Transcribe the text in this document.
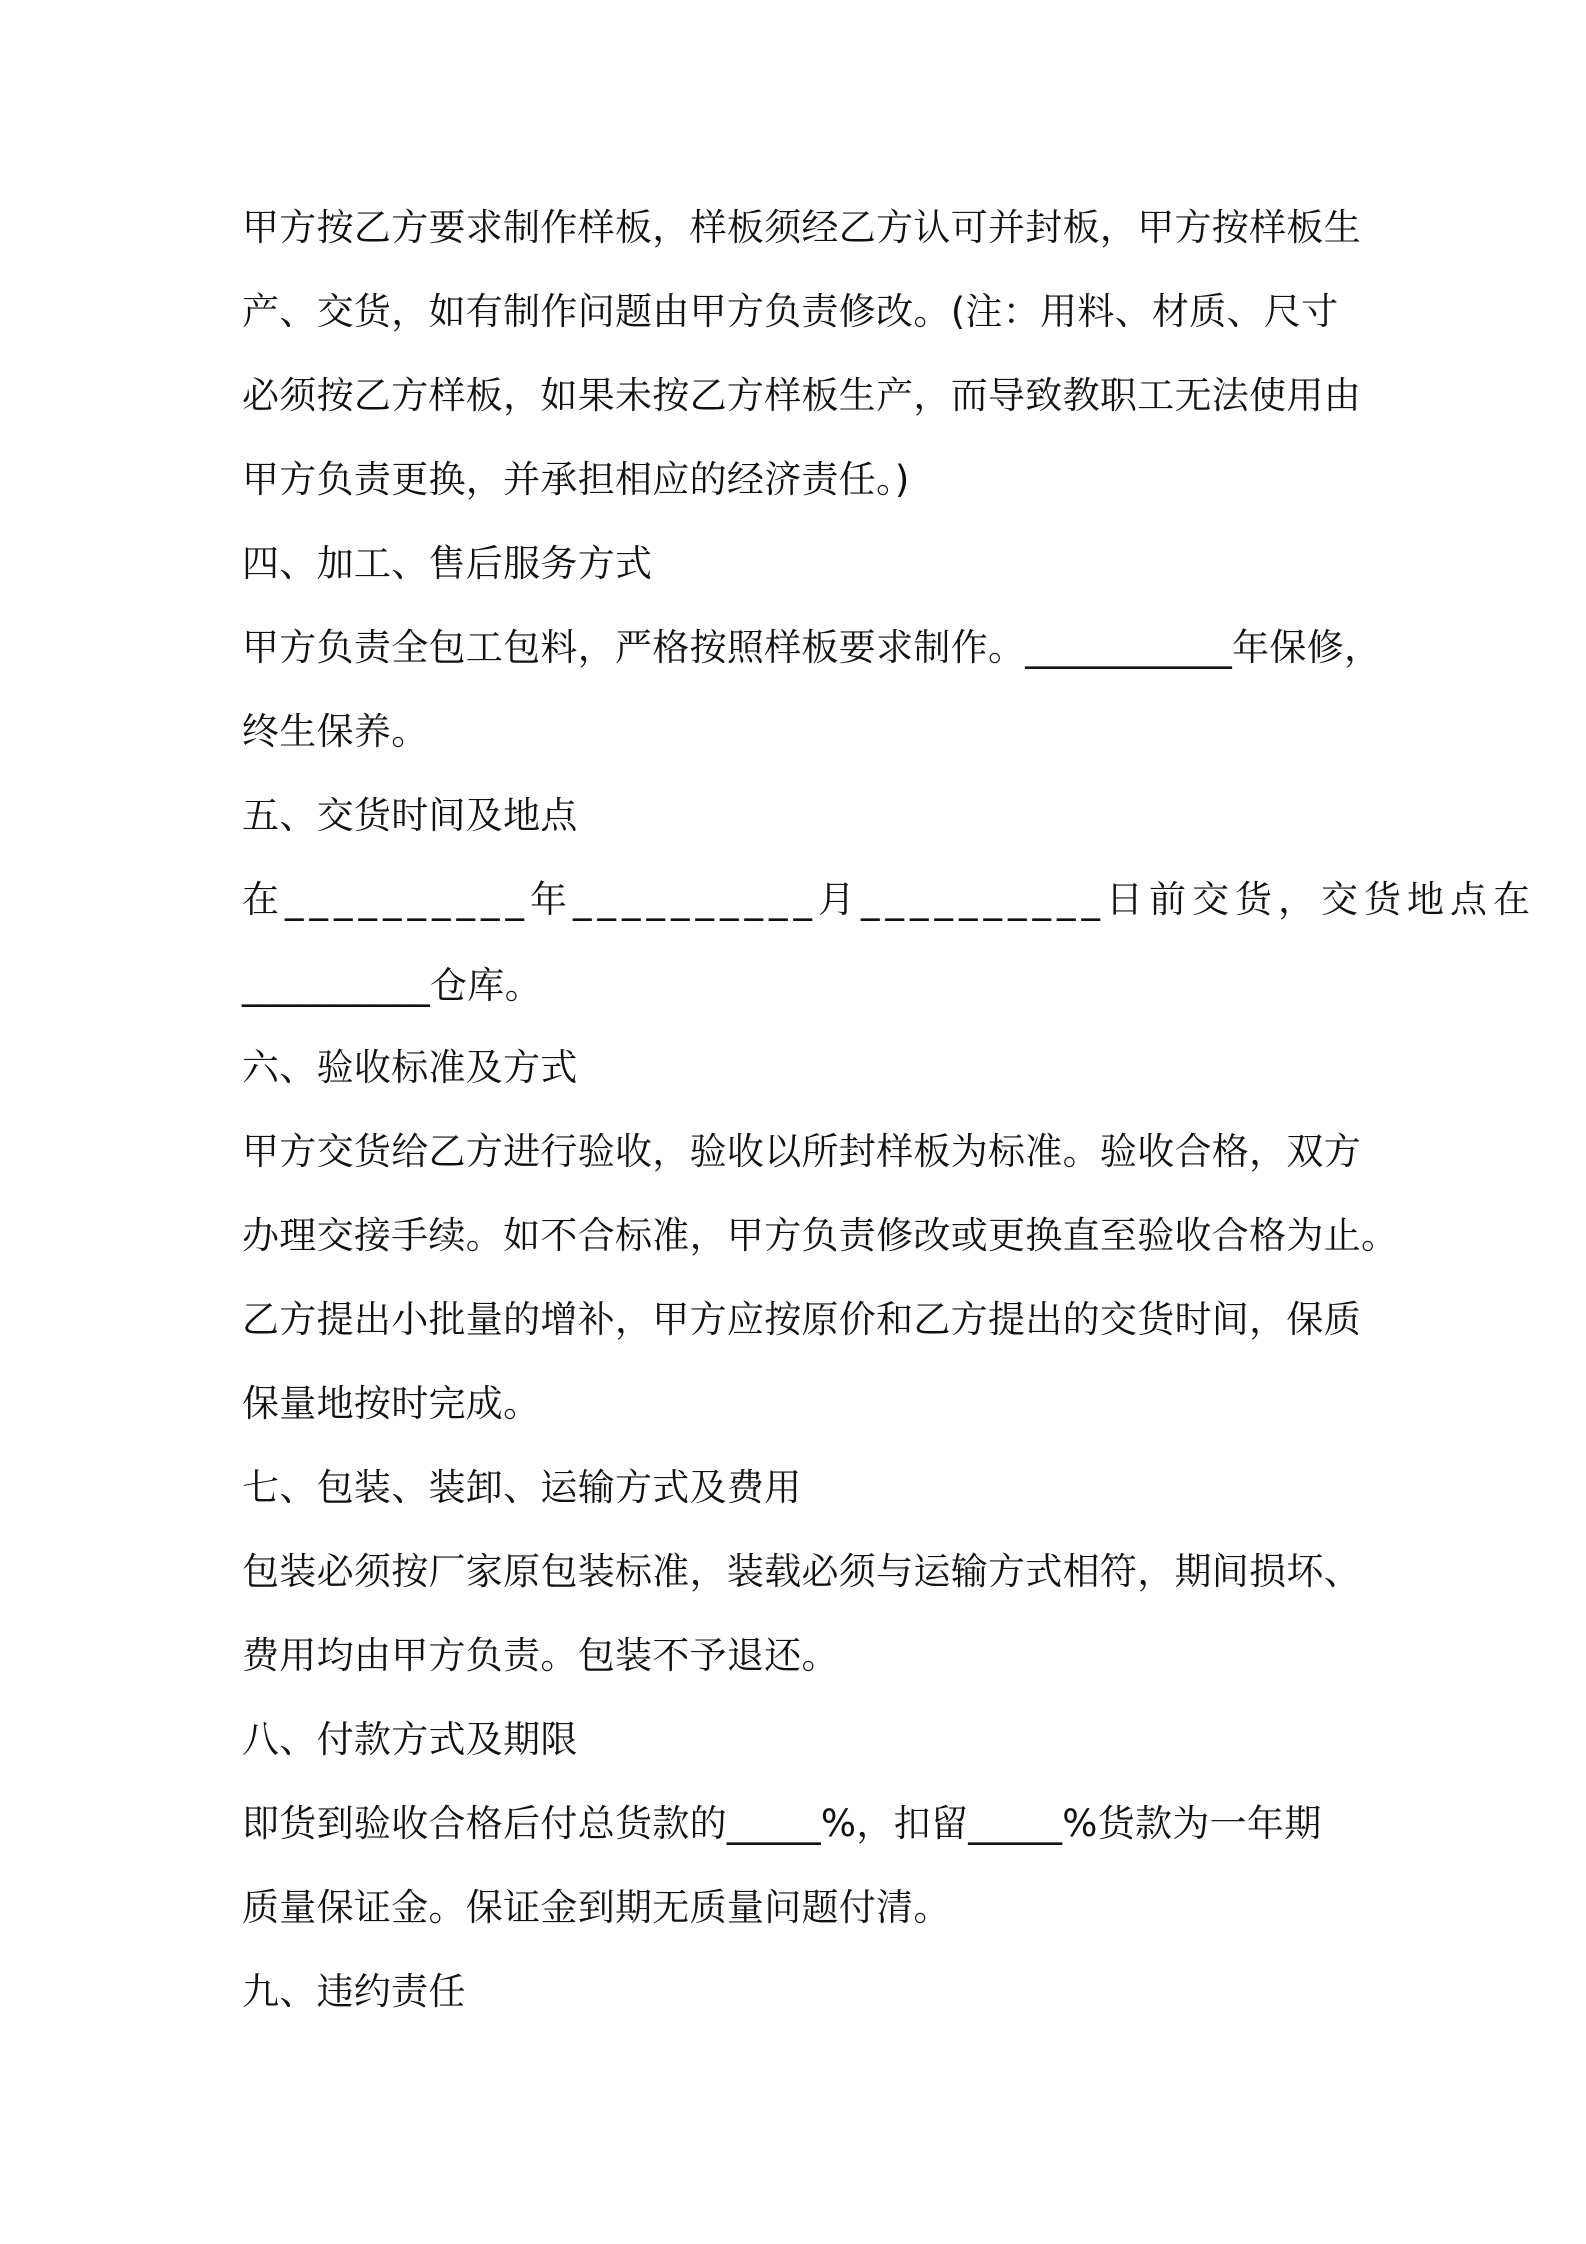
甲方按乙方要求制作样板，样板须经乙方认可并封板，甲方按样板生
产、交货，如有制作问题由甲方负责修改。(注：用料、材质、尺寸
必须按乙方样板，如果未按乙方样板生产，而导致教职工无法使用由
甲方负责更换，并承担相应的经济责任。)
四、加工、售后服务方式
甲方负责全包工包料，严格按照样板要求制作。___________年保修，
终生保养。
五、交货时间及地点
在__________年__________月__________日前交货，交货地点在
__________仓库。
六、验收标准及方式
甲方交货给乙方进行验收，验收以所封样板为标准。验收合格，双方
办理交接手续。如不合标准，甲方负责修改或更换直至验收合格为止。
乙方提出小批量的增补，甲方应按原价和乙方提出的交货时间，保质
保量地按时完成。
七、包装、装卸、运输方式及费用
包装必须按厂家原包装标准，装载必须与运输方式相符，期间损坏、
费用均由甲方负责。包装不予退还。
八、付款方式及期限
即货到验收合格后付总货款的_____%，扣留_____%货款为一年期
质量保证金。保证金到期无质量问题付清。
九、违约责任
